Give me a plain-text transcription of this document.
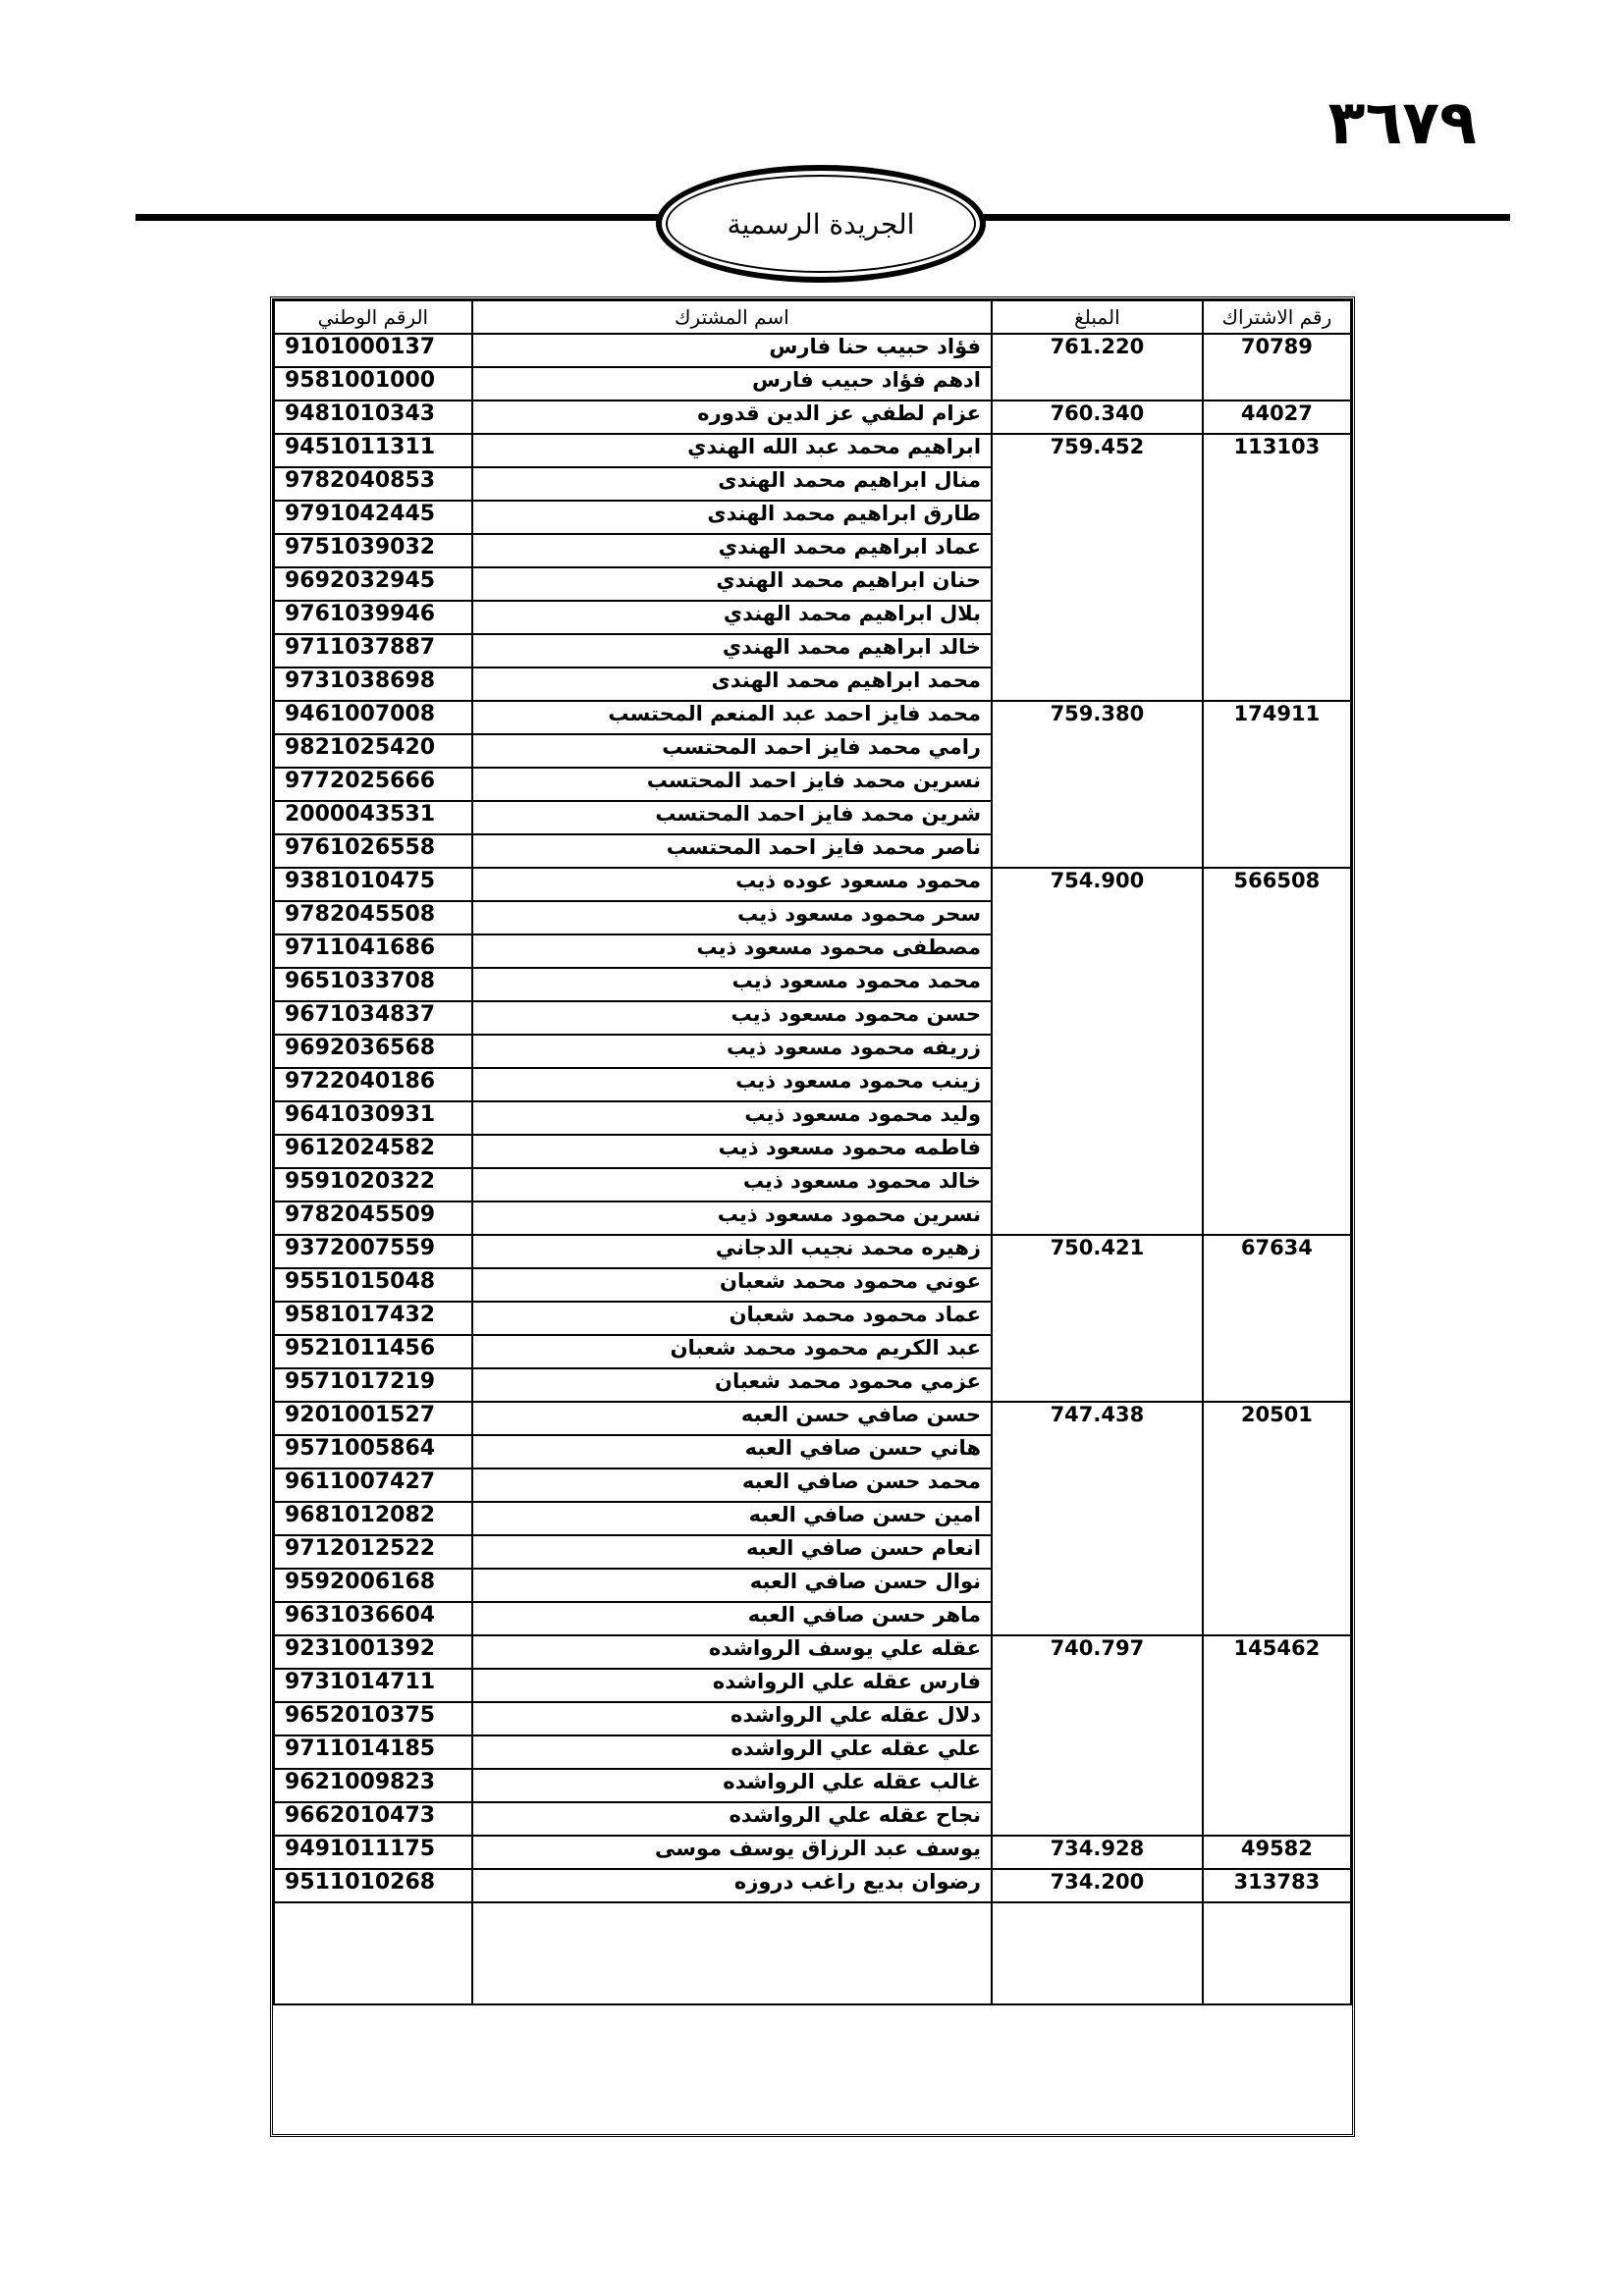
٣٦٧٩
الجريدة الرسمية
رقم الاشتراك	المبلغ	اسم المشترك	الرقم الوطني
70789	761.220	فؤاد حبيب حنا فارس	9101000137
		ادهم فؤاد حبيب فارس	9581001000
44027	760.340	عزام لطفي عز الدين قدوره	9481010343
113103	759.452	ابراهيم محمد عبد الله الهندي	9451011311
		منال ابراهيم محمد الهندى	9782040853
		طارق ابراهيم محمد الهندى	9791042445
		عماد ابراهيم محمد الهندي	9751039032
		حنان ابراهيم محمد الهندي	9692032945
		بلال ابراهيم محمد الهندي	9761039946
		خالد ابراهيم محمد الهندي	9711037887
		محمد ابراهيم محمد الهندى	9731038698
174911	759.380	محمد فايز احمد عبد المنعم المحتسب	9461007008
		رامي محمد فايز احمد المحتسب	9821025420
		نسرين محمد فايز احمد المحتسب	9772025666
		شرين محمد فايز احمد المحتسب	2000043531
		ناصر محمد فايز احمد المحتسب	9761026558
566508	754.900	محمود مسعود عوده ذيب	9381010475
		سحر محمود مسعود ذيب	9782045508
		مصطفى محمود مسعود ذيب	9711041686
		محمد محمود مسعود ذيب	9651033708
		حسن محمود مسعود ذيب	9671034837
		زريفه محمود مسعود ذيب	9692036568
		زينب محمود مسعود ذيب	9722040186
		وليد محمود مسعود ذيب	9641030931
		فاطمه محمود مسعود ذيب	9612024582
		خالد محمود مسعود ذيب	9591020322
		نسرين محمود مسعود ذيب	9782045509
67634	750.421	زهيره محمد نجيب الدجاني	9372007559
		عوني محمود محمد شعبان	9551015048
		عماد محمود محمد شعبان	9581017432
		عبد الكريم محمود محمد شعبان	9521011456
		عزمي محمود محمد شعبان	9571017219
20501	747.438	حسن صافي حسن العبه	9201001527
		هاني حسن صافي العبه	9571005864
		محمد حسن صافي العبه	9611007427
		امين حسن صافي العبه	9681012082
		انعام حسن صافي العبه	9712012522
		نوال حسن صافي العبه	9592006168
		ماهر حسن صافي العبه	9631036604
145462	740.797	عقله علي يوسف الرواشده	9231001392
		فارس عقله علي الرواشده	9731014711
		دلال عقله علي الرواشده	9652010375
		علي عقله علي الرواشده	9711014185
		غالب عقله علي الرواشده	9621009823
		نجاح عقله علي الرواشده	9662010473
49582	734.928	يوسف عبد الرزاق يوسف موسى	9491011175
313783	734.200	رضوان بديع راغب دروزه	9511010268
